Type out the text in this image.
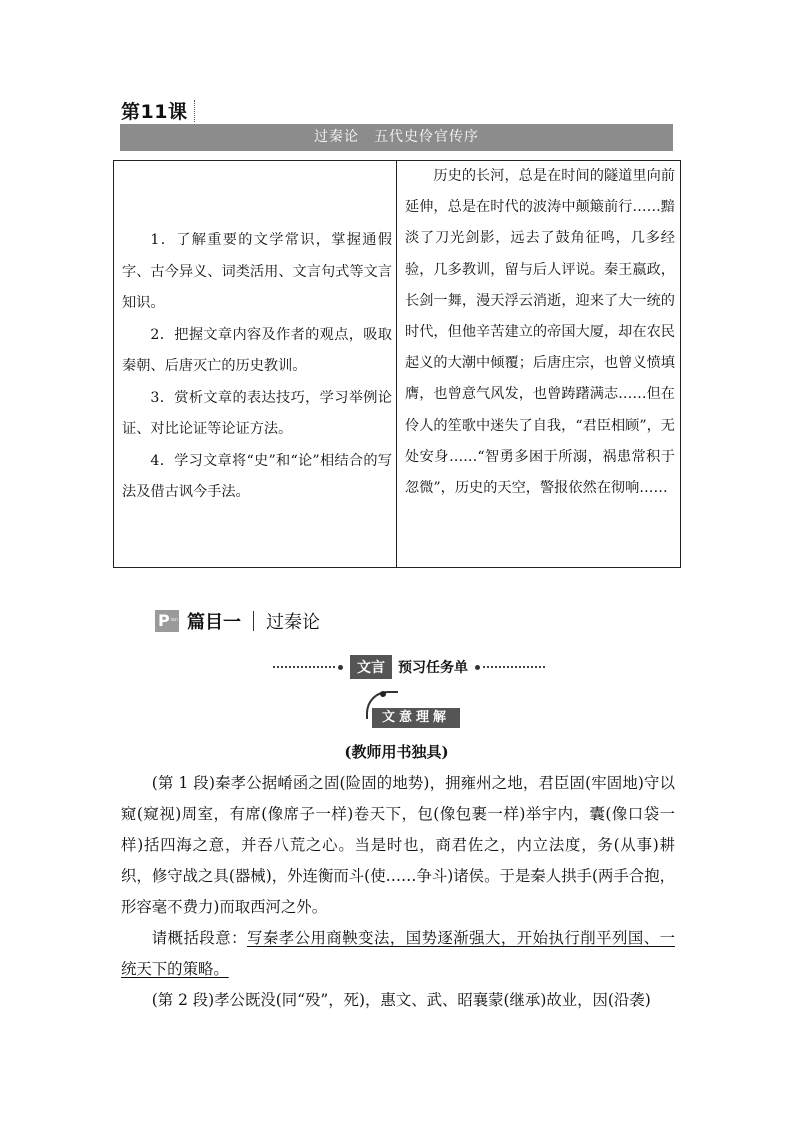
第11课
过秦论　五代史伶官传序

1．了解重要的文学常识，掌握通假字、古今异义、词类活用、文言句式等文言知识。

2．把握文章内容及作者的观点，吸取秦朝、后唐灭亡的历史教训。

3．赏析文章的表达技巧，学习举例论证、对比论证等论证方法。

4．学习文章将“史”和“论”相结合的写法及借古讽今手法。

历史的长河，总是在时间的隧道里向前延伸，总是在时代的波涛中颠簸前行……黯淡了刀光剑影，远去了鼓角征鸣，几多经验，几多教训，留与后人评说。秦王嬴政，长剑一舞，漫天浮云消逝，迎来了大一统的时代，但他辛苦建立的帝国大厦，却在农民起义的大潮中倾覆；后唐庄宗，也曾义愤填膺，也曾意气风发，也曾踌躇满志……但在伶人的笙歌中迷失了自我，“君臣相顾”，无处安身……“智勇多困于所溺，祸患常积于忽微”，历史的天空，警报依然在彻响……
P ian 篇目一 过秦论
文言 预习任务单
文意理解
(教师用书独具)

(第 1 段)秦孝公据崤函之固(险固的地势)，拥雍州之地，君臣固(牢固地)守以窥(窥视)周室，有席(像席子一样)卷天下，包(像包裹一样)举宇内，囊(像口袋一样)括四海之意，并吞八荒之心。当是时也，商君佐之，内立法度，务(从事)耕织，修守战之具(器械)，外连衡而斗(使……争斗)诸侯。于是秦人拱手(两手合抱，形容毫不费力)而取西河之外。

请概括段意：写秦孝公用商鞅变法，国势逐渐强大，开始执行削平列国、一统天下的策略。

(第 2 段)孝公既没(同“殁”，死)，惠文、武、昭襄蒙(继承)故业，因(沿袭)
